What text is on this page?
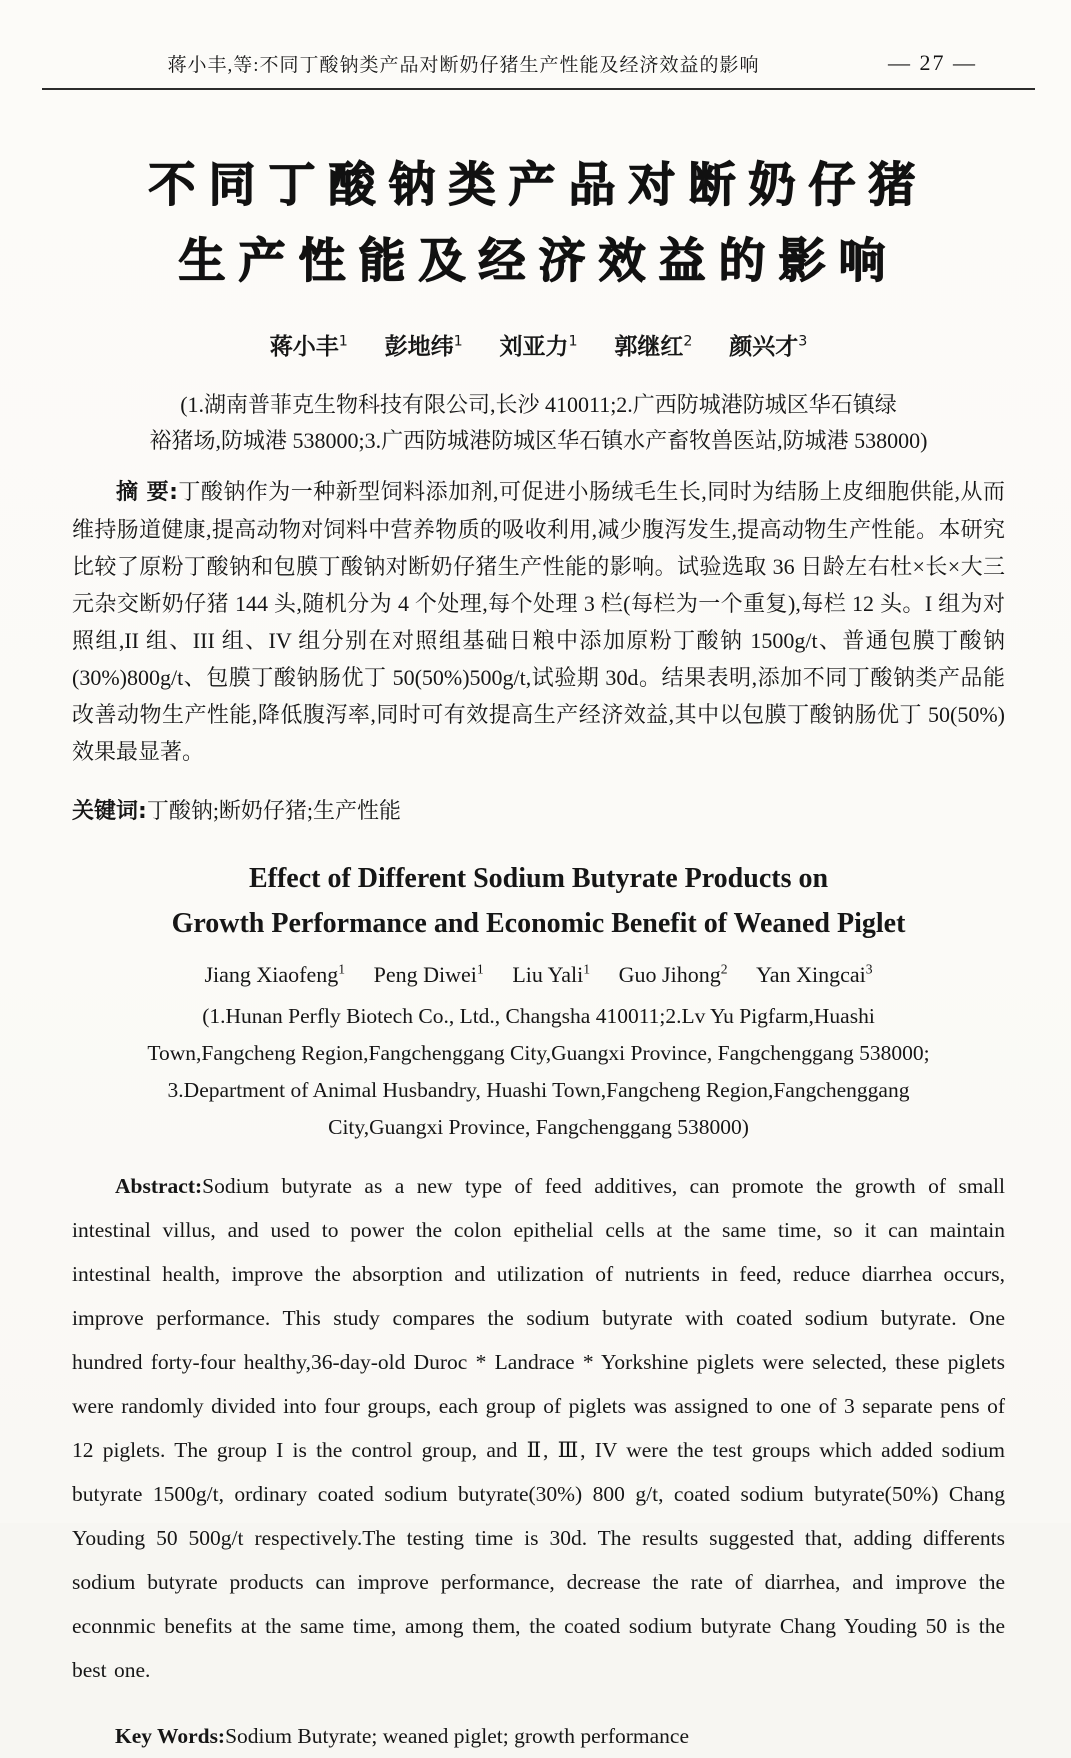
蒋小丰,等:不同丁酸钠类产品对断奶仔猪生产性能及经济效益的影响	— 27 —
不同丁酸钠类产品对断奶仔猪
生产性能及经济效益的影响
蒋小丰$^1$ 彭地纬$^1$ 刘亚力$^1$ 郭继红$^2$ 颜兴才$^3$
(1.湖南普菲克生物科技有限公司,长沙 410011;2.广西防城港防城区华石镇绿
裕猪场,防城港 538000;3.广西防城港防城区华石镇水产畜牧兽医站,防城港 538000)

摘 要:丁酸钠作为一种新型饲料添加剂,可促进小肠绒毛生长,同时为结肠上皮细胞供能,从而维持肠道健康,提高动物对饲料中营养物质的吸收利用,减少腹泻发生,提高动物生产性能。本研究比较了原粉丁酸钠和包膜丁酸钠对断奶仔猪生产性能的影响。试验选取 36 日龄左右杜×长×大三元杂交断奶仔猪 144 头,随机分为 4 个处理,每个处理 3 栏(每栏为一个重复),每栏 12 头。I 组为对照组,II 组、III 组、IV 组分别在对照组基础日粮中添加原粉丁酸钠 1500g/t、普通包膜丁酸钠(30%)800g/t、包膜丁酸钠肠优丁 50(50%)500g/t,试验期 30d。结果表明,添加不同丁酸钠类产品能改善动物生产性能,降低腹泻率,同时可有效提高生产经济效益,其中以包膜丁酸钠肠优丁 50(50%)效果最显著。

关键词:丁酸钠;断奶仔猪;生产性能

Effect of Different Sodium Butyrate Products on
Growth Performance and Economic Benefit of Weaned Piglet
Jiang Xiaofeng$^1$ Peng Diwei$^1$ Liu Yali$^1$ Guo Jihong$^2$ Yan Xingcai$^3$
(1.Hunan Perfly Biotech Co., Ltd., Changsha 410011;2.Lv Yu Pigfarm,Huashi
Town,Fangcheng Region,Fangchenggang City,Guangxi Province, Fangchenggang 538000;
3.Department of Animal Husbandry, Huashi Town,Fangcheng Region,Fangchenggang
City,Guangxi Province, Fangchenggang 538000)

Abstract:Sodium butyrate as a new type of feed additives, can promote the growth of small intestinal villus, and used to power the colon epithelial cells at the same time, so it can maintain intestinal health, improve the absorption and utilization of nutrients in feed, reduce diarrhea occurs, improve performance. This study compares the sodium butyrate with coated sodium butyrate. One hundred forty-four healthy,36-day-old Duroc * Landrace * Yorkshine piglets were selected, these piglets were randomly divided into four groups, each group of piglets was assigned to one of 3 separate pens of 12 piglets. The group I is the control group, and Ⅱ, Ⅲ, IV were the test groups which added sodium butyrate 1500g/t, ordinary coated sodium butyrate(30%) 800 g/t, coated sodium butyrate(50%) Chang Youding 50 500g/t respectively.The testing time is 30d. The results suggested that, adding differents sodium butyrate products can improve performance, decrease the rate of diarrhea, and improve the econnmic benefits at the same time, among them, the coated sodium butyrate Chang Youding 50 is the best one.

Key Words:Sodium Butyrate; weaned piglet; growth performance
